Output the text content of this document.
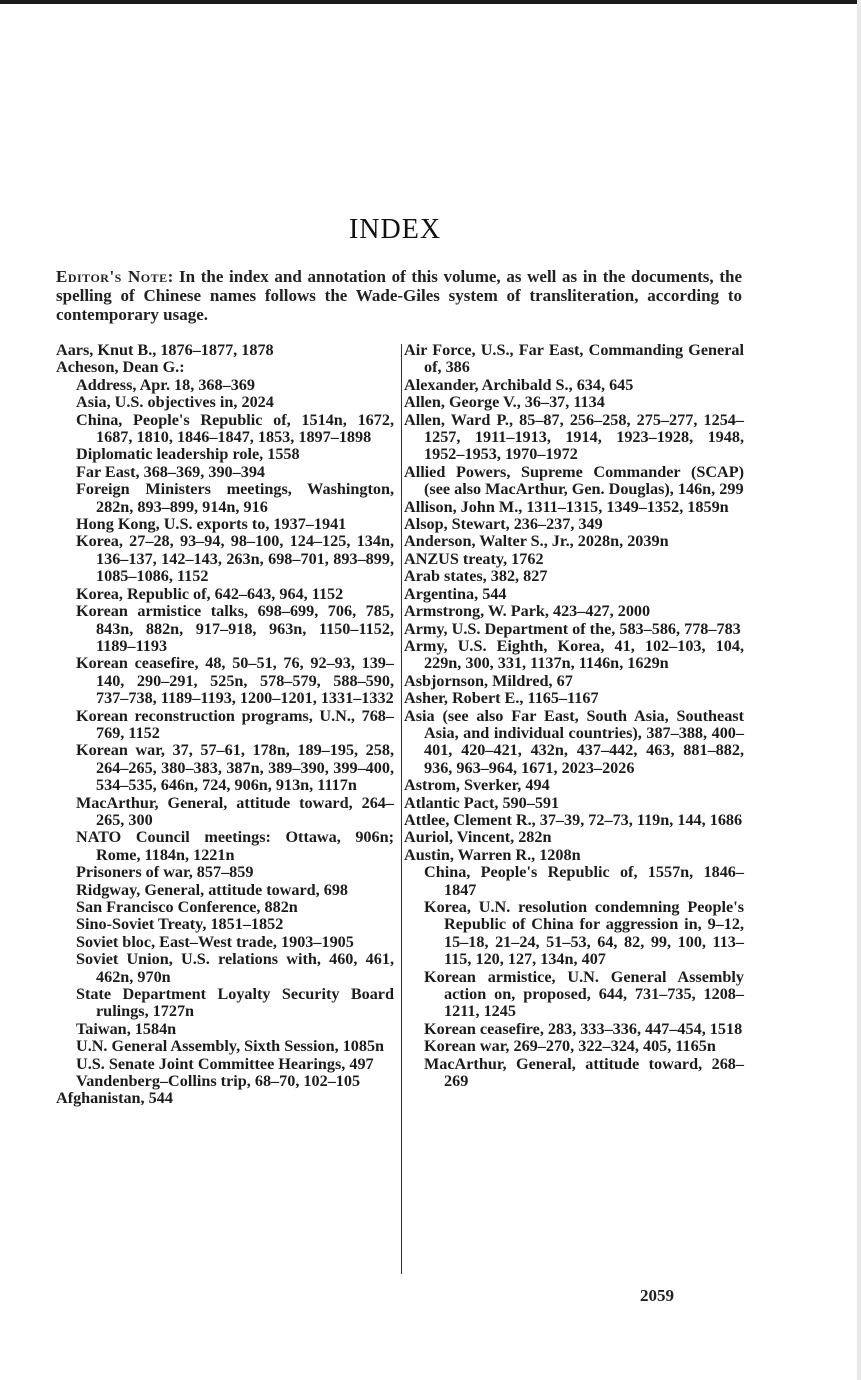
INDEX
Editor's Note: In the index and annotation of this volume, as well as in the documents, the spelling of Chinese names follows the Wade-Giles system of transliteration, according to contemporary usage.

Aars, Knut B., 1876–1877, 1878

Acheson, Dean G.:

Address, Apr. 18, 368–369

Asia, U.S. objectives in, 2024

China, People's Republic of, 1514n, 1672, 1687, 1810, 1846–1847, 1853, 1897–1898

Diplomatic leadership role, 1558

Far East, 368–369, 390–394

Foreign Ministers meetings, Washington, 282n, 893–899, 914n, 916

Hong Kong, U.S. exports to, 1937–1941

Korea, 27–28, 93–94, 98–100, 124–125, 134n, 136–137, 142–143, 263n, 698–701, 893–899, 1085–1086, 1152

Korea, Republic of, 642–643, 964, 1152

Korean armistice talks, 698–699, 706, 785, 843n, 882n, 917–918, 963n, 1150–1152, 1189–1193

Korean ceasefire, 48, 50–51, 76, 92–93, 139–140, 290–291, 525n, 578–579, 588–590, 737–738, 1189–1193, 1200–1201, 1331–1332

Korean reconstruction programs, U.N., 768–769, 1152

Korean war, 37, 57–61, 178n, 189–195, 258, 264–265, 380–383, 387n, 389–390, 399–400, 534–535, 646n, 724, 906n, 913n, 1117n

MacArthur, General, attitude toward, 264–265, 300

NATO Council meetings: Ottawa, 906n; Rome, 1184n, 1221n

Prisoners of war, 857–859

Ridgway, General, attitude toward, 698

San Francisco Conference, 882n

Sino-Soviet Treaty, 1851–1852

Soviet bloc, East–West trade, 1903–1905

Soviet Union, U.S. relations with, 460, 461, 462n, 970n

State Department Loyalty Security Board rulings, 1727n

Taiwan, 1584n

U.N. General Assembly, Sixth Session, 1085n

U.S. Senate Joint Committee Hearings, 497

Vandenberg–Collins trip, 68–70, 102–105

Afghanistan, 544

Air Force, U.S., Far East, Commanding General of, 386

Alexander, Archibald S., 634, 645

Allen, George V., 36–37, 1134

Allen, Ward P., 85–87, 256–258, 275–277, 1254–1257, 1911–1913, 1914, 1923–1928, 1948, 1952–1953, 1970–1972

Allied Powers, Supreme Commander (SCAP) (see also MacArthur, Gen. Douglas), 146n, 299

Allison, John M., 1311–1315, 1349–1352, 1859n

Alsop, Stewart, 236–237, 349

Anderson, Walter S., Jr., 2028n, 2039n

ANZUS treaty, 1762

Arab states, 382, 827

Argentina, 544

Armstrong, W. Park, 423–427, 2000

Army, U.S. Department of the, 583–586, 778–783

Army, U.S. Eighth, Korea, 41, 102–103, 104, 229n, 300, 331, 1137n, 1146n, 1629n

Asbjornson, Mildred, 67

Asher, Robert E., 1165–1167

Asia (see also Far East, South Asia, Southeast Asia, and individual countries), 387–388, 400–401, 420–421, 432n, 437–442, 463, 881–882, 936, 963–964, 1671, 2023–2026

Astrom, Sverker, 494

Atlantic Pact, 590–591

Attlee, Clement R., 37–39, 72–73, 119n, 144, 1686

Auriol, Vincent, 282n

Austin, Warren R., 1208n

China, People's Republic of, 1557n, 1846–1847

Korea, U.N. resolution condemning People's Republic of China for aggression in, 9–12, 15–18, 21–24, 51–53, 64, 82, 99, 100, 113–115, 120, 127, 134n, 407

Korean armistice, U.N. General Assembly action on, proposed, 644, 731–735, 1208–1211, 1245

Korean ceasefire, 283, 333–336, 447–454, 1518

Korean war, 269–270, 322–324, 405, 1165n

MacArthur, General, attitude toward, 268–269

2059
